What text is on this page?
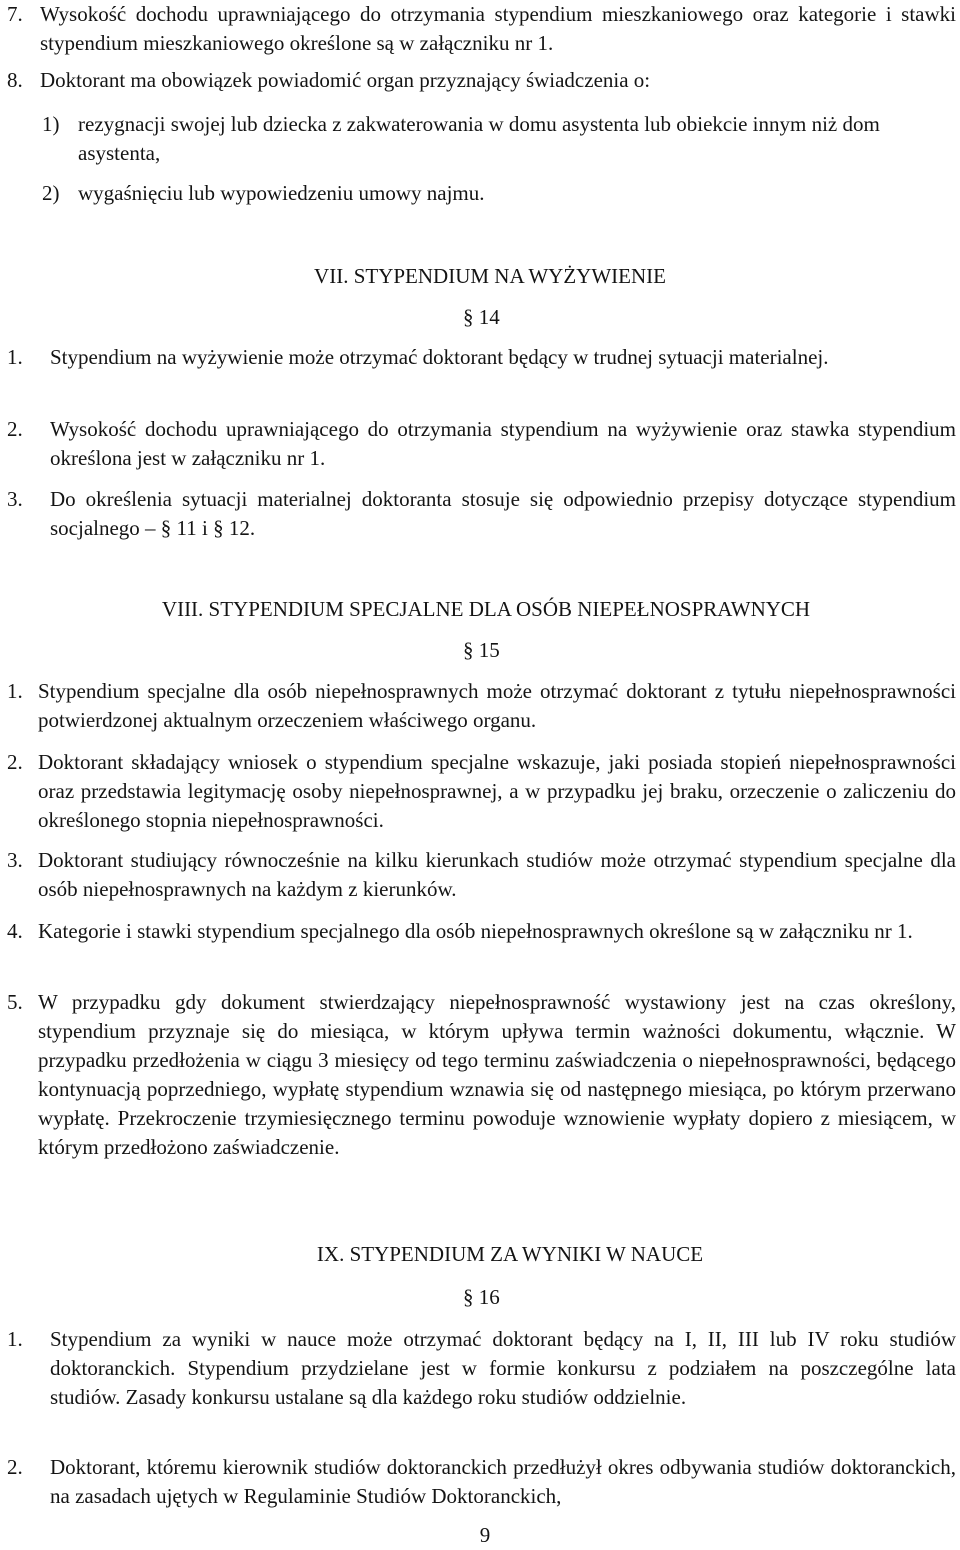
7. Wysokość dochodu uprawniającego do otrzymania stypendium mieszkaniowego oraz kategorie i stawki stypendium mieszkaniowego określone są w załączniku nr 1.
8. Doktorant ma obowiązek powiadomić organ przyznający świadczenia o:
1) rezygnacji swojej lub dziecka z zakwaterowania w domu asystenta lub obiekcie innym niż dom asystenta,
2) wygaśnięciu lub wypowiedzeniu umowy najmu.
VII. STYPENDIUM NA WYŻYWIENIE
§ 14
1. Stypendium na wyżywienie może otrzymać doktorant będący w trudnej sytuacji materialnej.
2. Wysokość dochodu uprawniającego do otrzymania stypendium na wyżywienie oraz stawka stypendium określona jest w załączniku nr 1.
3. Do określenia sytuacji materialnej doktoranta stosuje się odpowiednio przepisy dotyczące stypendium socjalnego – § 11 i § 12.
VIII. STYPENDIUM SPECJALNE DLA OSÓB NIEPEŁNOSPRAWNYCH
§ 15
1. Stypendium specjalne dla osób niepełnosprawnych może otrzymać doktorant z tytułu niepełnosprawności potwierdzonej aktualnym orzeczeniem właściwego organu.
2. Doktorant składający wniosek o stypendium specjalne wskazuje, jaki posiada stopień niepełnosprawności oraz przedstawia legitymację osoby niepełnosprawnej, a w przypadku jej braku, orzeczenie o zaliczeniu do określonego stopnia niepełnosprawności.
3. Doktorant studiujący równocześnie na kilku kierunkach studiów może otrzymać stypendium specjalne dla osób niepełnosprawnych na każdym z kierunków.
4. Kategorie i stawki stypendium specjalnego dla osób niepełnosprawnych określone są w załączniku nr 1.
5. W przypadku gdy dokument stwierdzający niepełnosprawność wystawiony jest na czas określony, stypendium przyznaje się do miesiąca, w którym upływa termin ważności dokumentu, włącznie. W przypadku przedłożenia w ciągu 3 miesięcy od tego terminu zaświadczenia o niepełnosprawności, będącego kontynuacją poprzedniego, wypłatę stypendium wznawia się od następnego miesiąca, po którym przerwano wypłatę. Przekroczenie trzymiesięcznego terminu powoduje wznowienie wypłaty dopiero z miesiącem, w którym przedłożono zaświadczenie.
IX. STYPENDIUM ZA WYNIKI W NAUCE
§ 16
1. Stypendium za wyniki w nauce może otrzymać doktorant będący na I, II, III lub IV roku studiów doktoranckich. Stypendium przydzielane jest w formie konkursu z podziałem na poszczególne lata studiów. Zasady konkursu ustalane są dla każdego roku studiów oddzielnie.
2. Doktorant, któremu kierownik studiów doktoranckich przedłużył okres odbywania studiów doktoranckich, na zasadach ujętych w Regulaminie Studiów Doktoranckich,
9
